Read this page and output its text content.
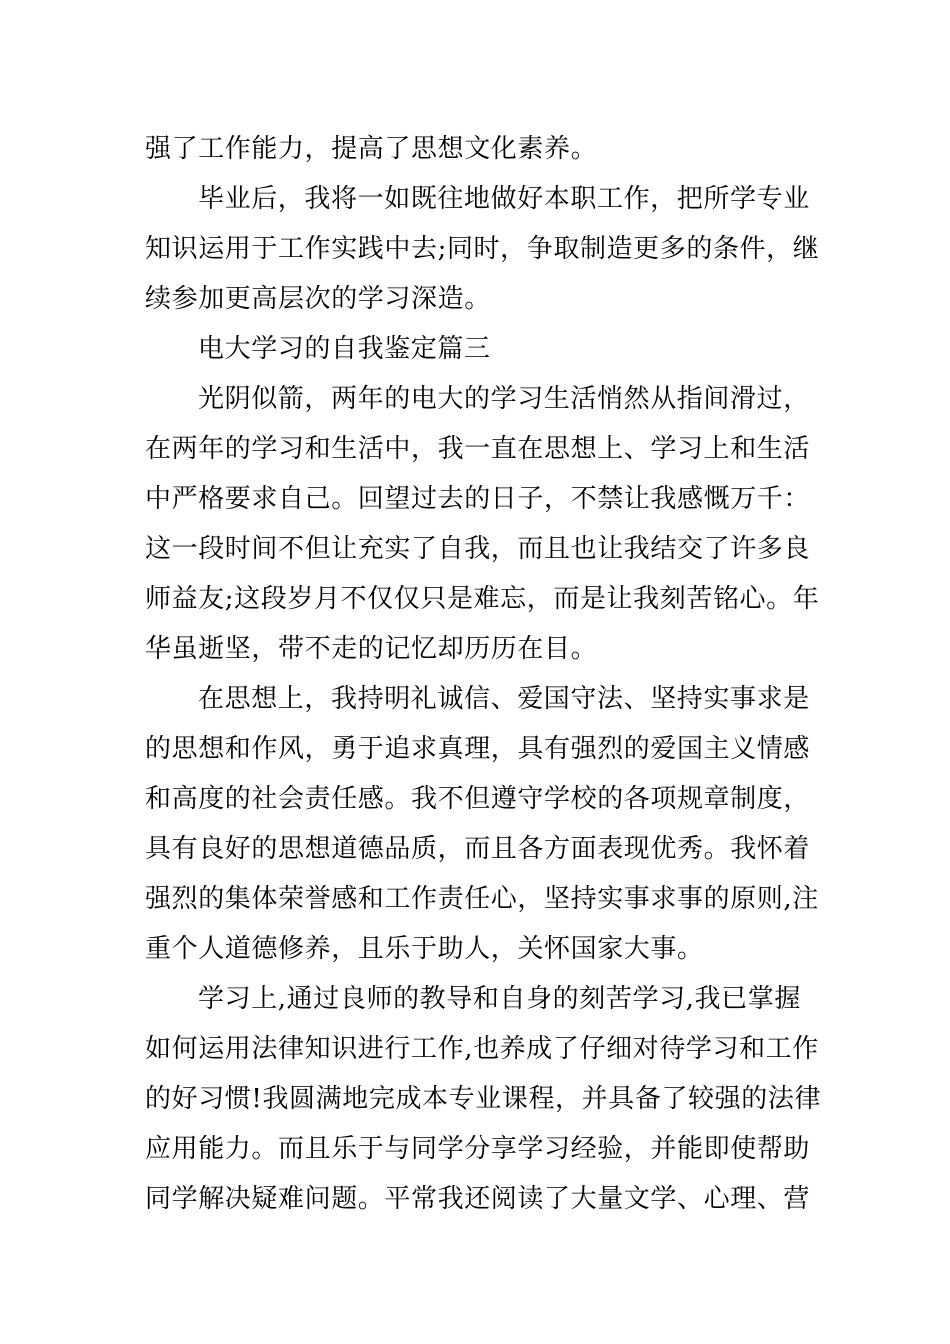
强了工作能力，提高了思想文化素养。
毕业后，我将一如既往地做好本职工作，把所学专业
知识运用于工作实践中去;同时，争取制造更多的条件，继
续参加更高层次的学习深造。
电大学习的自我鉴定篇三
光阴似箭，两年的电大的学习生活悄然从指间滑过，
在两年的学习和生活中，我一直在思想上、学习上和生活
中严格要求自己。回望过去的日子，不禁让我感慨万千：
这一段时间不但让充实了自我，而且也让我结交了许多良
师益友;这段岁月不仅仅只是难忘，而是让我刻苦铭心。年
华虽逝坚，带不走的记忆却历历在目。
在思想上，我持明礼诚信、爱国守法、坚持实事求是
的思想和作风，勇于追求真理，具有强烈的爱国主义情感
和高度的社会责任感。我不但遵守学校的各项规章制度，
具有良好的思想道德品质，而且各方面表现优秀。我怀着
强烈的集体荣誉感和工作责任心，坚持实事求事的原则,注
重个人道德修养，且乐于助人，关怀国家大事。
学习上,通过良师的教导和自身的刻苦学习,我已掌握
如何运用法律知识进行工作,也养成了仔细对待学习和工作
的好习惯!我圆满地完成本专业课程，并具备了较强的法律
应用能力。而且乐于与同学分享学习经验，并能即使帮助
同学解决疑难问题。平常我还阅读了大量文学、心理、营
